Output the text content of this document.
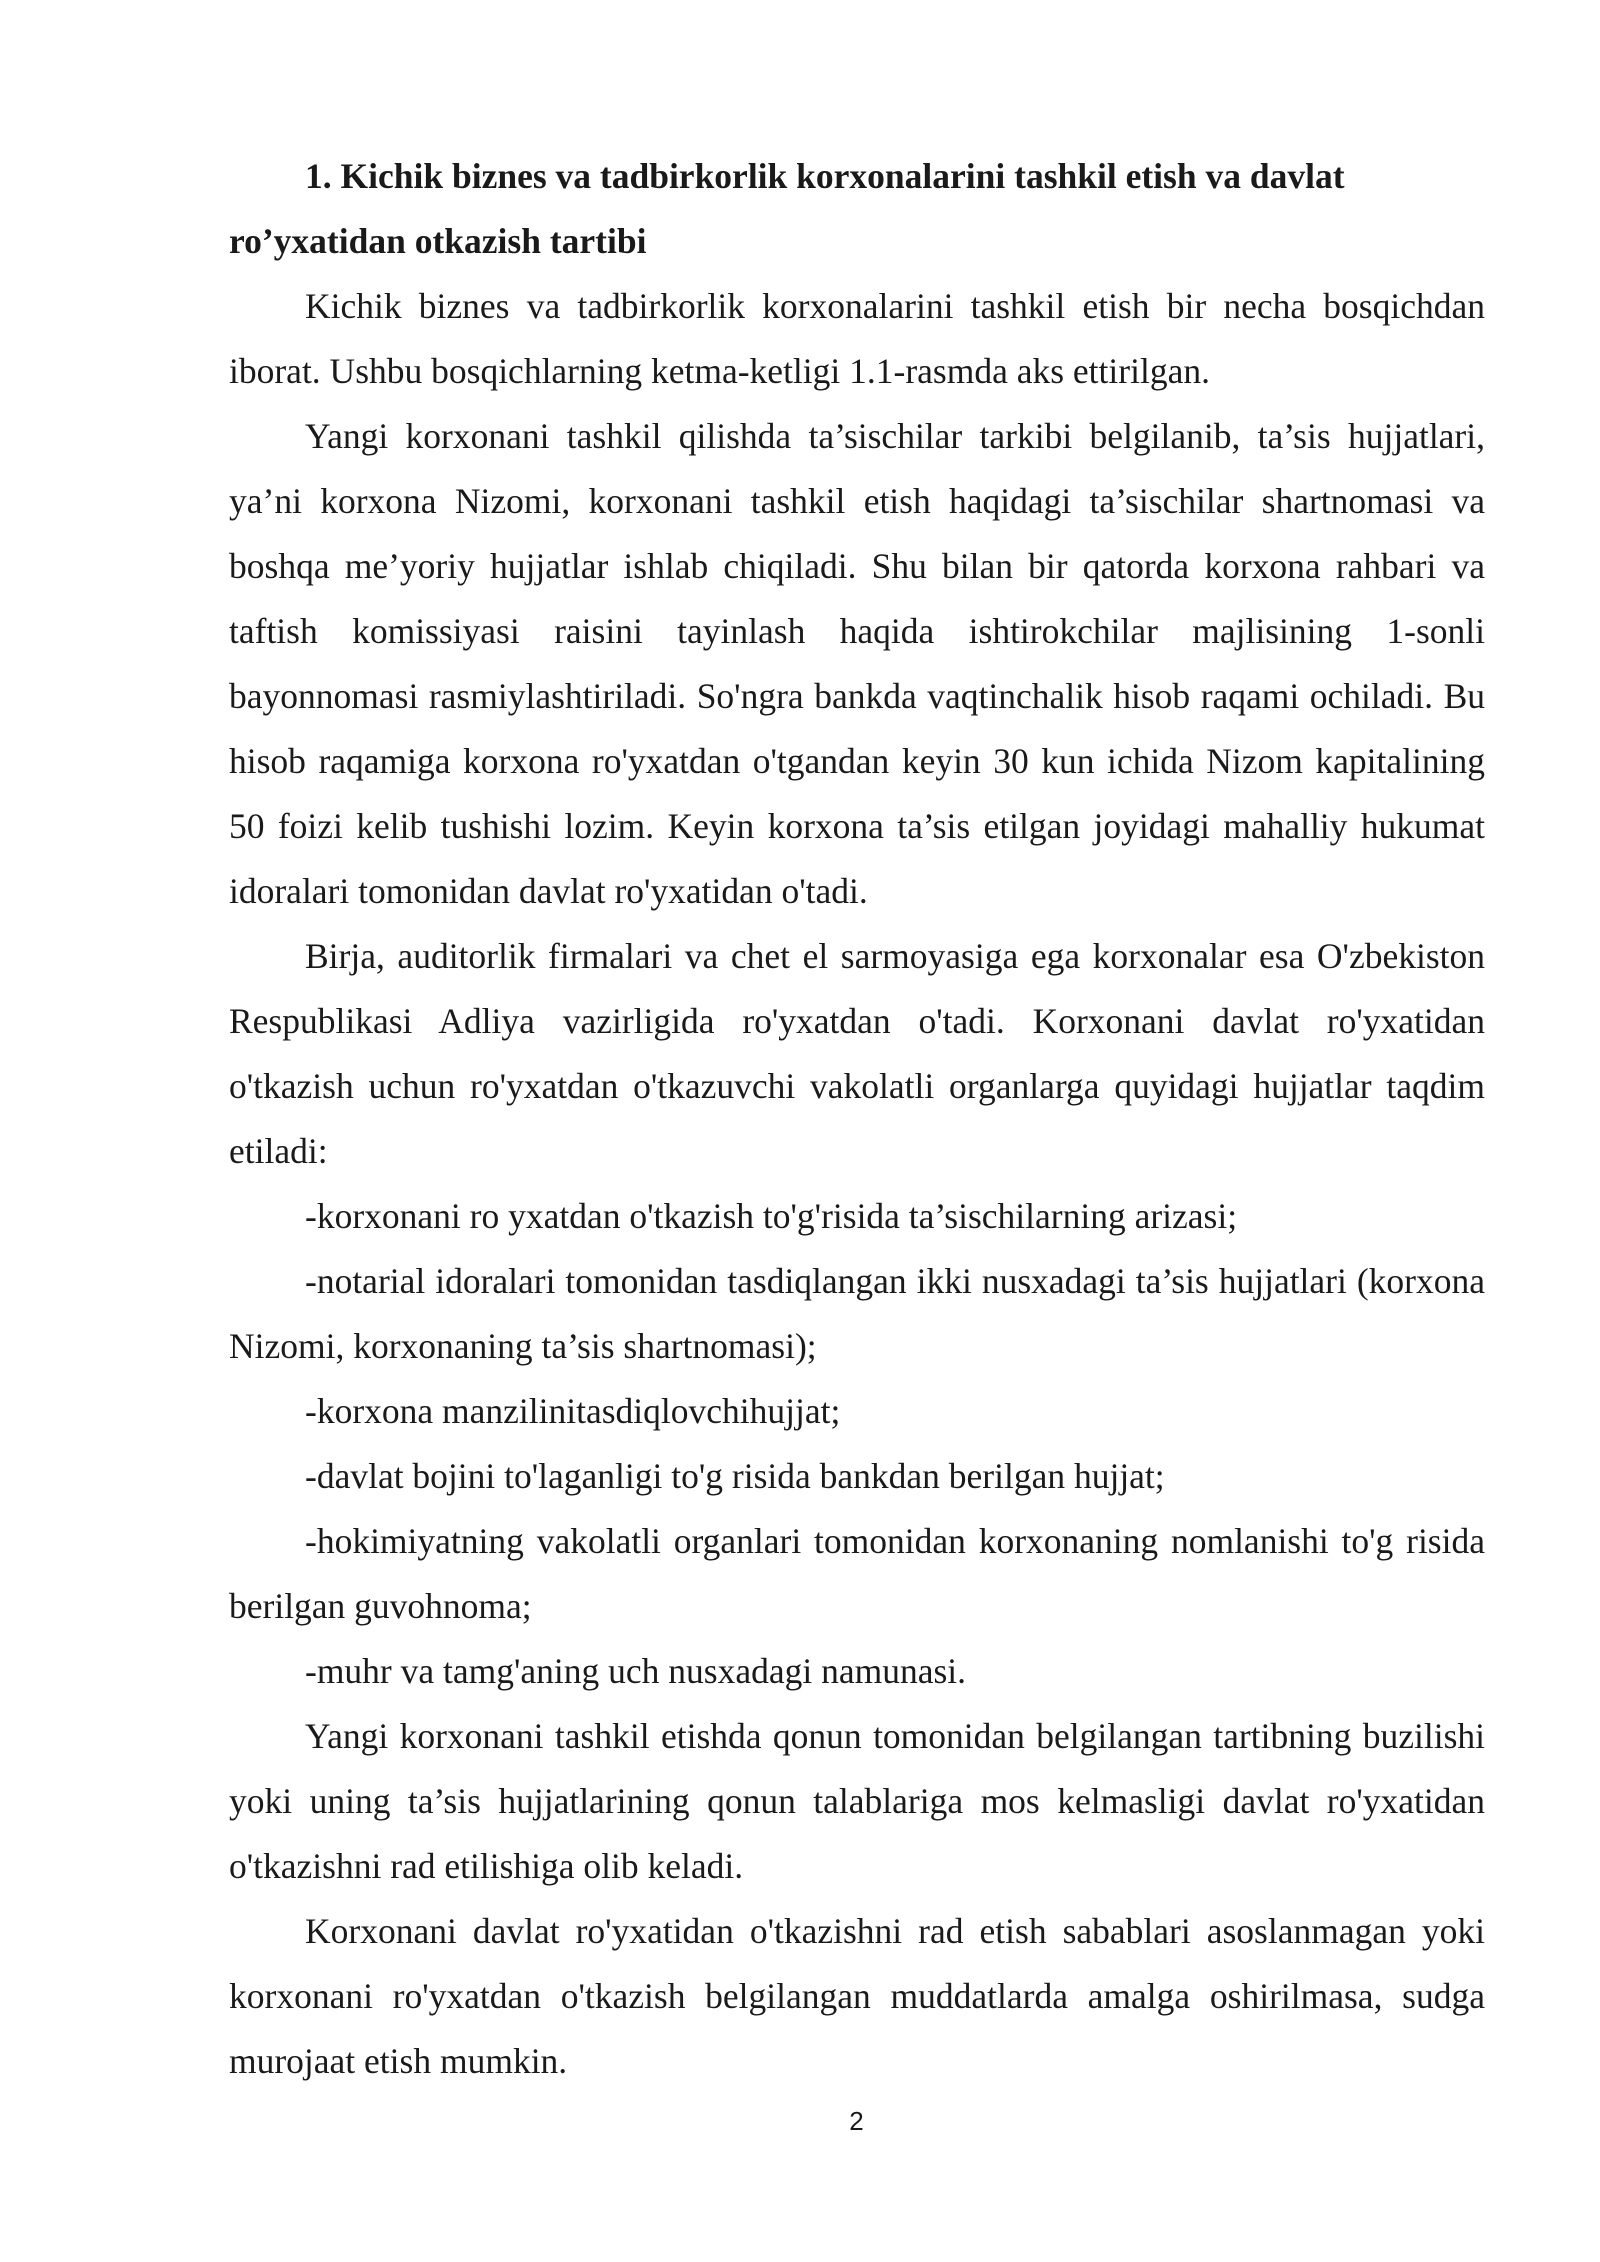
1. Kichik biznes va tadbirkorlik korxonalarini tashkil etish va davlat ro’yxatidan otkazish tartibi

Kichik biznes va tadbirkorlik korxonalarini tashkil etish bir necha bosqichdan iborat. Ushbu bosqichlarning ketma-ketligi 1.1-rasmda aks ettirilgan.

Yangi korxonani tashkil qilishda ta’sischilar tarkibi belgilanib, ta’sis hujjatlari, ya’ni korxona Nizomi, korxonani tashkil etish haqidagi ta’sischilar shartnomasi va boshqa me’yoriy hujjatlar ishlab chiqiladi. Shu bilan bir qatorda korxona rahbari va taftish komissiyasi raisini tayinlash haqida ishtirokchilar majlisining 1-sonli bayonnomasi rasmiylashtiriladi. So'ngra bankda vaqtinchalik hisob raqami ochiladi. Bu hisob raqamiga korxona ro'yxatdan o'tgandan keyin 30 kun ichida Nizom kapitalining 50 foizi kelib tushishi lozim. Keyin korxona ta’sis etilgan joyidagi mahalliy hukumat idoralari tomonidan davlat ro'yxatidan o'tadi.

Birja, auditorlik firmalari va chet el sarmoyasiga ega korxonalar esa O'zbekiston Respublikasi Adliya vazirligida ro'yxatdan o'tadi. Korxonani davlat ro'yxatidan o'tkazish uchun ro'yxatdan o'tkazuvchi vakolatli organlarga quyidagi hujjatlar taqdim etiladi:

-korxonani ro yxatdan o'tkazish to'g'risida ta’sischilarning arizasi;

-notarial idoralari tomonidan tasdiqlangan ikki nusxadagi ta’sis hujjatlari (korxona Nizomi, korxonaning ta’sis shartnomasi);

-korxona manzilinitasdiqlovchihujjat;

-davlat bojini to'laganligi to'g risida bankdan berilgan hujjat;

-hokimiyatning vakolatli organlari tomonidan korxonaning nomlanishi to'g risida berilgan guvohnoma;

-muhr va tamg'aning uch nusxadagi namunasi.

Yangi korxonani tashkil etishda qonun tomonidan belgilangan tartibning buzilishi yoki uning ta’sis hujjatlarining qonun talablariga mos kelmasligi davlat ro'yxatidan o'tkazishni rad etilishiga olib keladi.

Korxonani davlat ro'yxatidan o'tkazishni rad etish sabablari asoslanmagan yoki korxonani ro'yxatdan o'tkazish belgilangan muddatlarda amalga oshirilmasa, sudga murojaat etish mumkin.

2
